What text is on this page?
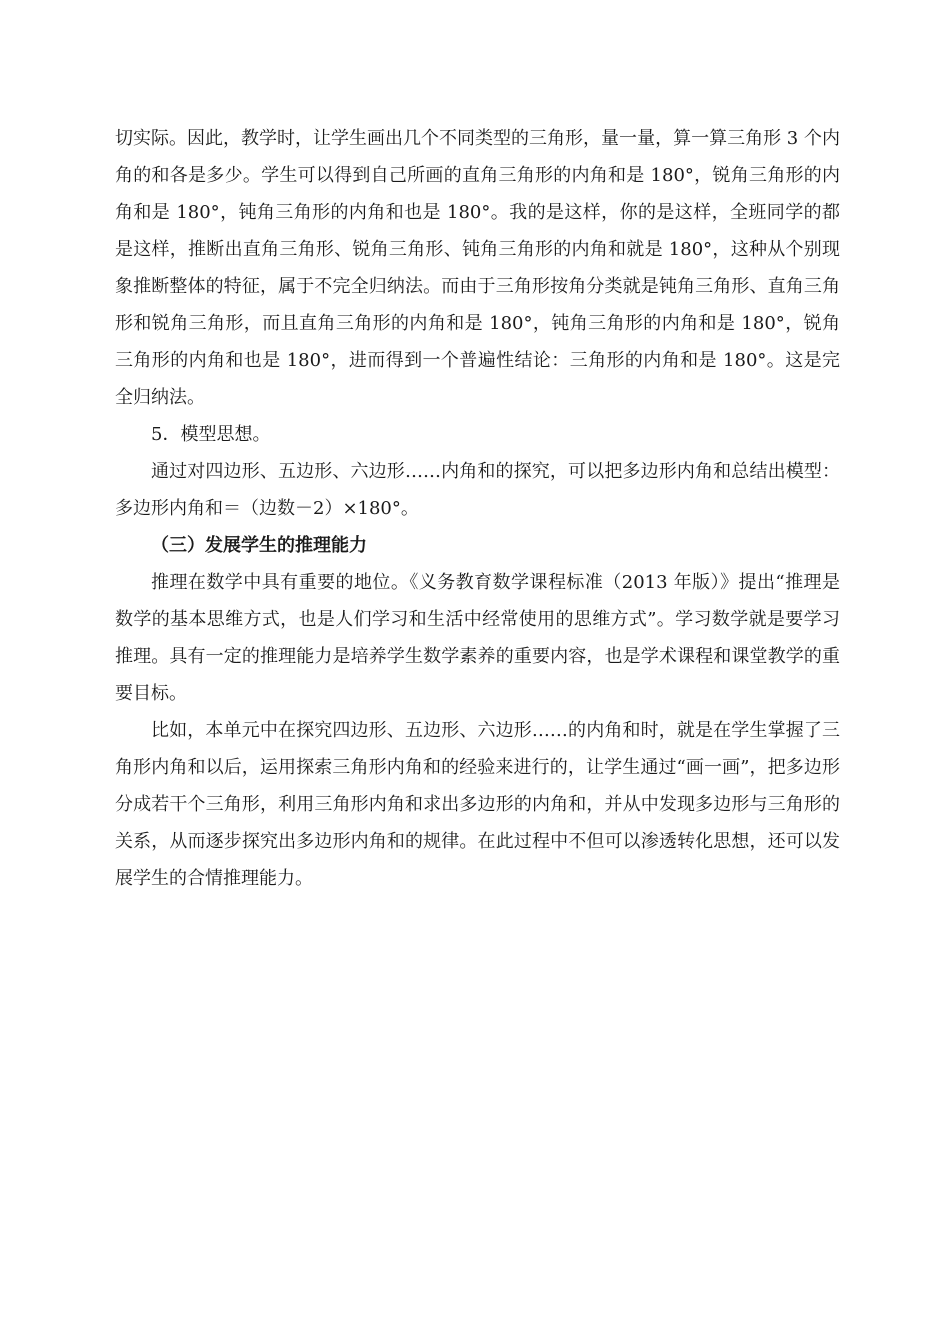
切实际。因此，教学时，让学生画出几个不同类型的三角形，量一量，算一算三角形 3 个内角的和各是多少。学生可以得到自己所画的直角三角形的内角和是 180°，锐角三角形的内角和是 180°，钝角三角形的内角和也是 180°。我的是这样，你的是这样，全班同学的都是这样，推断出直角三角形、锐角三角形、钝角三角形的内角和就是 180°，这种从个别现象推断整体的特征，属于不完全归纳法。而由于三角形按角分类就是钝角三角形、直角三角形和锐角三角形，而且直角三角形的内角和是 180°，钝角三角形的内角和是 180°，锐角三角形的内角和也是 180°，进而得到一个普遍性结论：三角形的内角和是 180°。这是完全归纳法。

5．模型思想。

通过对四边形、五边形、六边形……内角和的探究，可以把多边形内角和总结出模型：多边形内角和＝（边数－2）×180°。

（三）发展学生的推理能力

推理在数学中具有重要的地位。《义务教育数学课程标准（2013 年版）》提出“推理是数学的基本思维方式，也是人们学习和生活中经常使用的思维方式”。学习数学就是要学习推理。具有一定的推理能力是培养学生数学素养的重要内容，也是学术课程和课堂教学的重要目标。

比如，本单元中在探究四边形、五边形、六边形……的内角和时，就是在学生掌握了三角形内角和以后，运用探索三角形内角和的经验来进行的，让学生通过“画一画”，把多边形分成若干个三角形，利用三角形内角和求出多边形的内角和，并从中发现多边形与三角形的关系，从而逐步探究出多边形内角和的规律。在此过程中不但可以渗透转化思想，还可以发展学生的合情推理能力。
